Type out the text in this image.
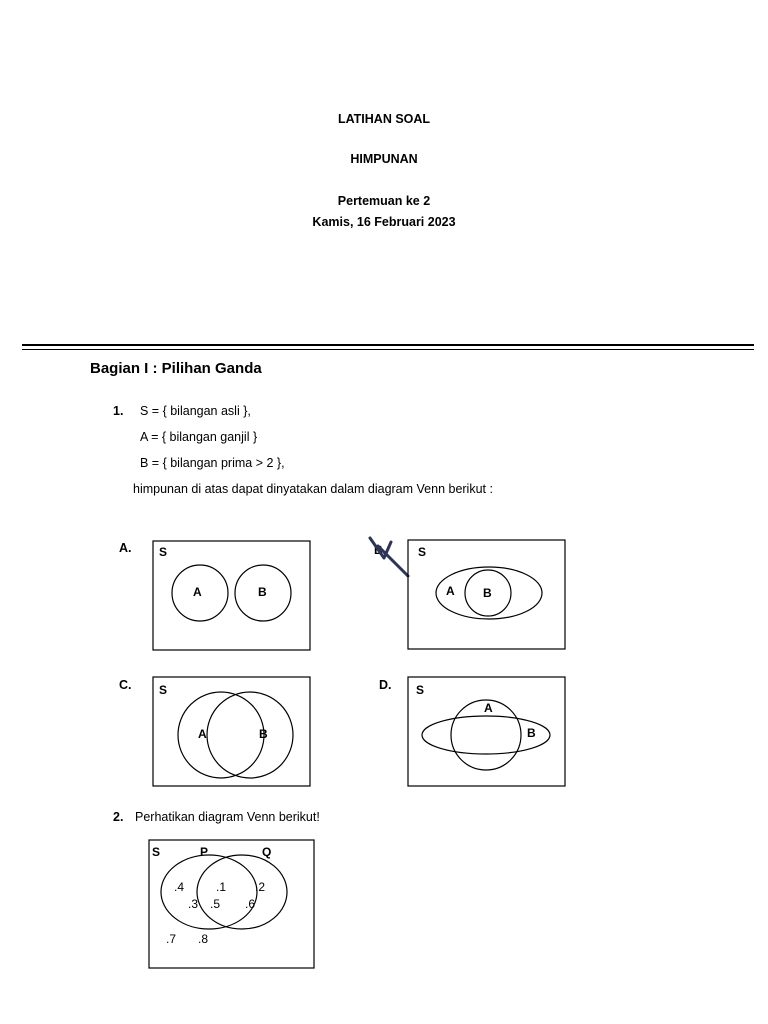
LATIHAN SOAL
HIMPUNAN
Pertemuan ke 2
Kamis, 16 Februari 2023
Bagian I : Pilihan Ganda
1. S = { bilangan asli },
A = { bilangan ganjil }
B = { bilangan prima > 2 },
himpunan di atas dapat dinyatakan dalam diagram Venn berikut :
A. S
A	B
B.	S
A B
C. S
A	B
D. S
A
B
2. Perhatikan diagram Venn berikut!
S	P	Q
.4
.3
.1
.5
.2
.6
.7 .8
